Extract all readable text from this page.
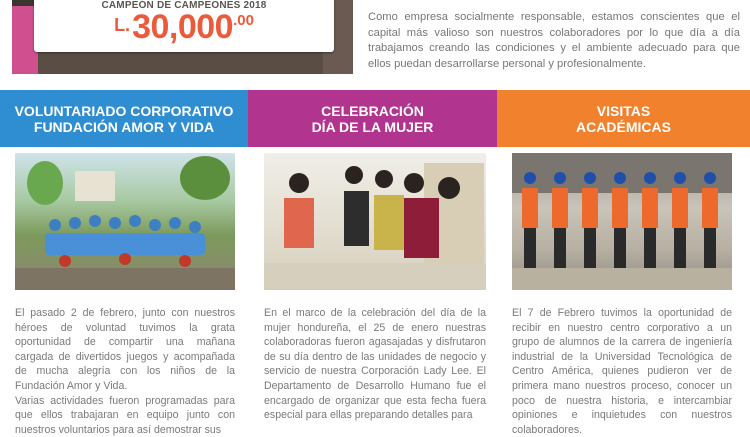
CAMPEÓN DE CAMPEONES 2018
L.30,000.00	Como empresa socialmente responsable, estamos conscientes que el capital más valioso son nuestros colaboradores por lo que día a día trabajamos creando las condiciones y el ambiente adecuado para que ellos puedan desarrollarse personal y profesionalmente.
VOLUNTARIADO CORPORATIVO
FUNDACIÓN AMOR Y VIDA
CELEBRACIÓN
DÍA DE LA MUJER
VISITAS
ACADÉMICAS

El pasado 2 de febrero, junto con nuestros héroes de voluntad tuvimos la grata oportunidad de compartir una mañana cargada de divertidos juegos y acompañada de mucha alegría con los niños de la Fundación Amor y Vida.

Varias actividades fueron programadas para que ellos trabajaran en equipo junto con nuestros voluntarios para así demostrar sus

En el marco de la celebración del día de la mujer hondureña, el 25 de enero nuestras colaboradoras fueron agasajadas y disfrutaron de su día dentro de las unidades de negocio y servicio de nuestra Corporación Lady Lee. El Departamento de Desarrollo Humano fue el encargado de organizar que esta fecha fuera especial para ellas preparando detalles para

El 7 de Febrero tuvimos la oportunidad de recibir en nuestro centro corporativo a un grupo de alumnos de la carrera de ingeniería industrial de la Universidad Tecnológica de Centro América, quienes pudieron ver de primera mano nuestros proceso, conocer un poco de nuestra historia, e intercambiar opiniones e inquietudes con nuestros colaboradores.
